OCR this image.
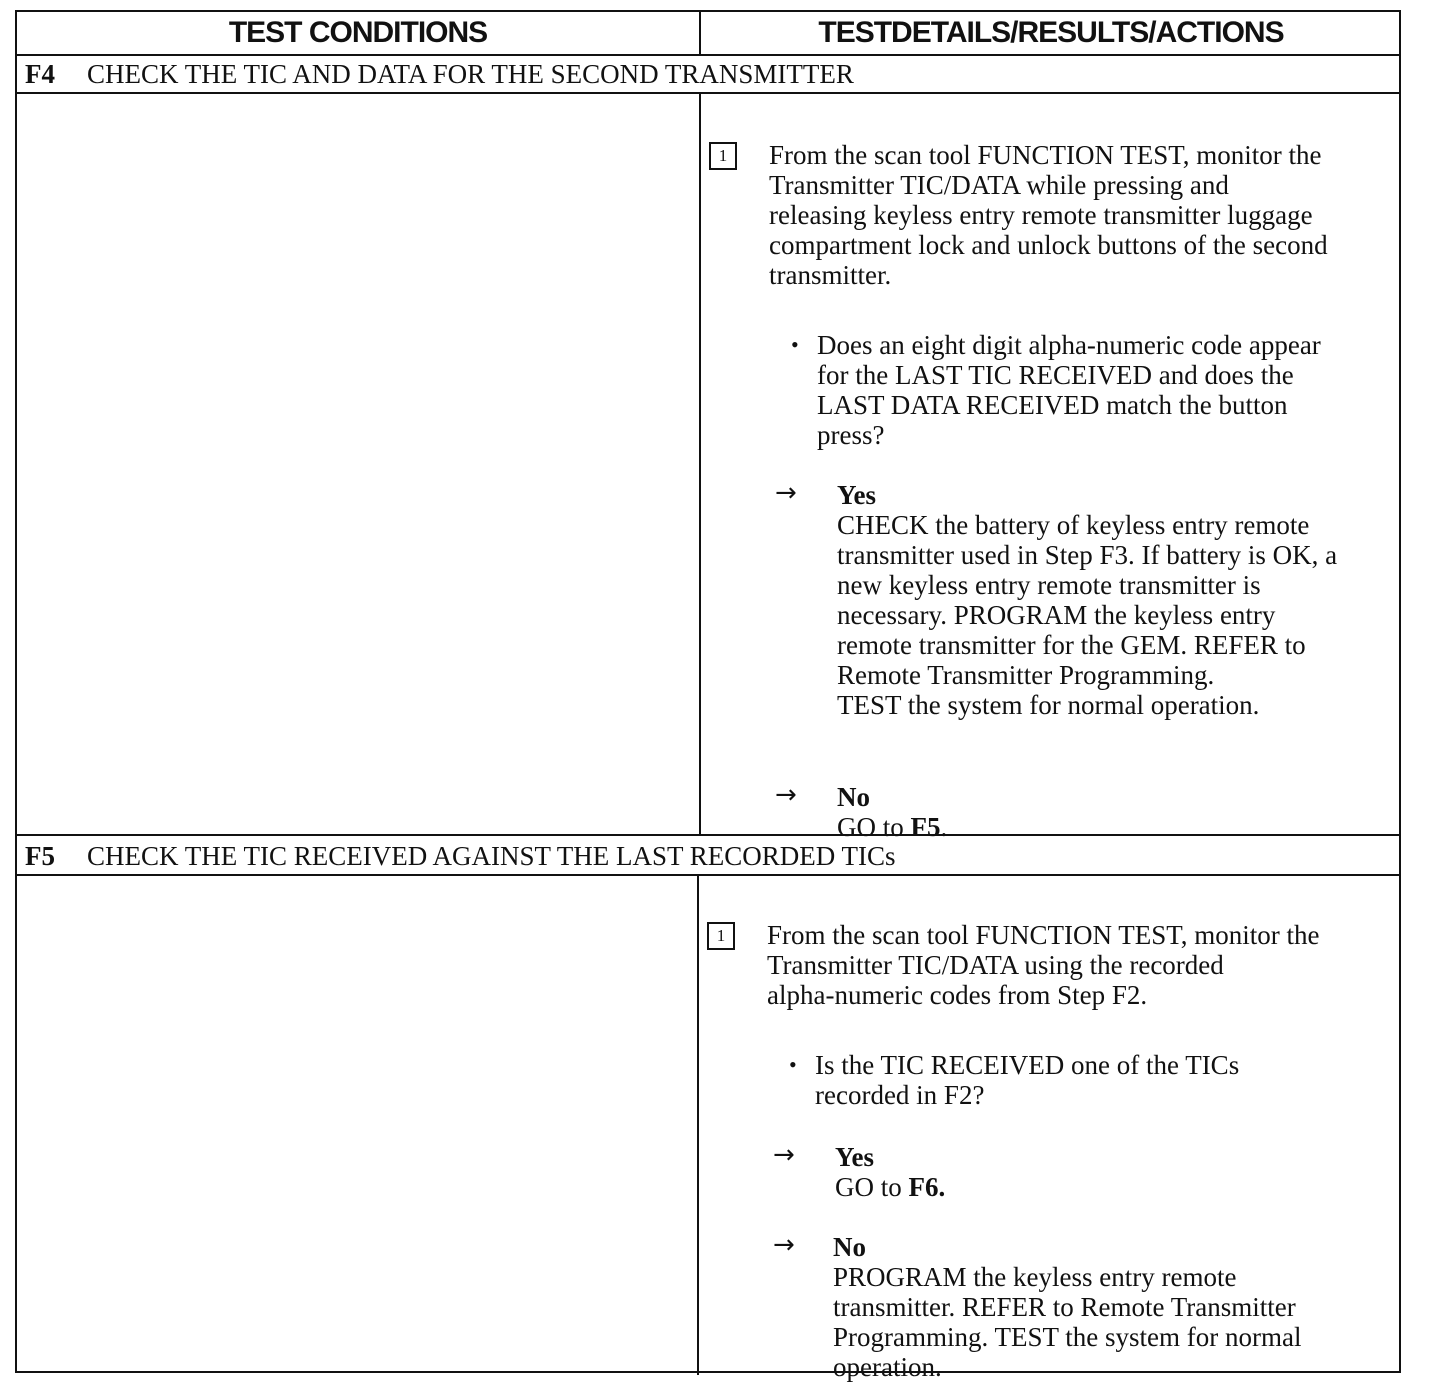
TEST CONDITIONS	TESTDETAILS/RESULTS/ACTIONS
F4 CHECK THE TIC AND DATA FOR THE SECOND TRANSMITTER
1	From the scan tool FUNCTION TEST, monitor the
Transmitter TIC/DATA while pressing and
releasing keyless entry remote transmitter luggage
compartment lock and unlock buttons of the second
transmitter.
• Does an eight digit alpha-numeric code appear
for the LAST TIC RECEIVED and does the
LAST DATA RECEIVED match the button
press?
→ Yes
CHECK the battery of keyless entry remote
transmitter used in Step F3. If battery is OK, a
new keyless entry remote transmitter is
necessary. PROGRAM the keyless entry
remote transmitter for the GEM. REFER to
Remote Transmitter Programming.
TEST the system for normal operation.
→ No
GO to F5.
F5 CHECK THE TIC RECEIVED AGAINST THE LAST RECORDED TICs
1	From the scan tool FUNCTION TEST, monitor the
Transmitter TIC/DATA using the recorded
alpha-numeric codes from Step F2.
• Is the TIC RECEIVED one of the TICs
recorded in F2?
→ Yes
GO to F6.
→ No
PROGRAM the keyless entry remote
transmitter. REFER to Remote Transmitter
Programming. TEST the system for normal
operation.
